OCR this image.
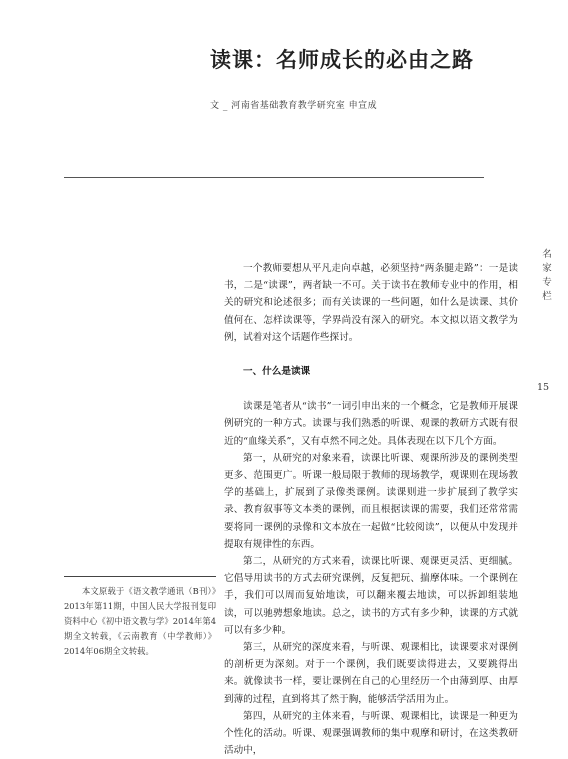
读课：名师成长的必由之路
文 _ 河南省基础教育教学研究室 申宣成
名家专栏
15

一个教师要想从平凡走向卓越，必须坚持“两条腿走路”：一是读书，二是“读课”，两者缺一不可。关于读书在教师专业中的作用，相关的研究和论述很多；而有关读课的一些问题，如什么是读课、其价值何在、怎样读课等，学界尚没有深入的研究。本文拟以语文教学为例，试着对这个话题作些探讨。

一、什么是读课

读课是笔者从“读书”一词引申出来的一个概念，它是教师开展课例研究的一种方式。读课与我们熟悉的听课、观课的教研方式既有很近的“血缘关系”，又有卓然不同之处。具体表现在以下几个方面。

第一，从研究的对象来看，读课比听课、观课所涉及的课例类型更多、范围更广。听课一般局限于教师的现场教学，观课则在现场教学的基础上，扩展到了录像类课例。读课则进一步扩展到了教学实录、教育叙事等文本类的课例，而且根据读课的需要，我们还常常需要将同一课例的录像和文本放在一起做“比较阅读”，以便从中发现并提取有规律性的东西。

第二，从研究的方式来看，读课比听课、观课更灵活、更细腻。它倡导用读书的方式去研究课例，反复把玩、揣摩体味。一个课例在手，我们可以周而复始地读，可以翻来覆去地读，可以拆卸组装地读，可以驰骋想象地读。总之，读书的方式有多少种，读课的方式就可以有多少种。

第三，从研究的深度来看，与听课、观课相比，读课要求对课例的剖析更为深刻。对于一个课例，我们既要读得进去，又要跳得出来。就像读书一样，要让课例在自己的心里经历一个由薄到厚、由厚到薄的过程，直到将其了然于胸，能够活学活用为止。

第四，从研究的主体来看，与听课、观课相比，读课是一种更为个性化的活动。听课、观课强调教师的集中观摩和研讨，在这类教研活动中，

本文原载于《语文教学通讯（B刊）》2013年第11期，中国人民大学报刊复印资料中心《初中语文教与学》2014年第4期全文转载，《云南教育（中学教师）》2014年06期全文转载。
